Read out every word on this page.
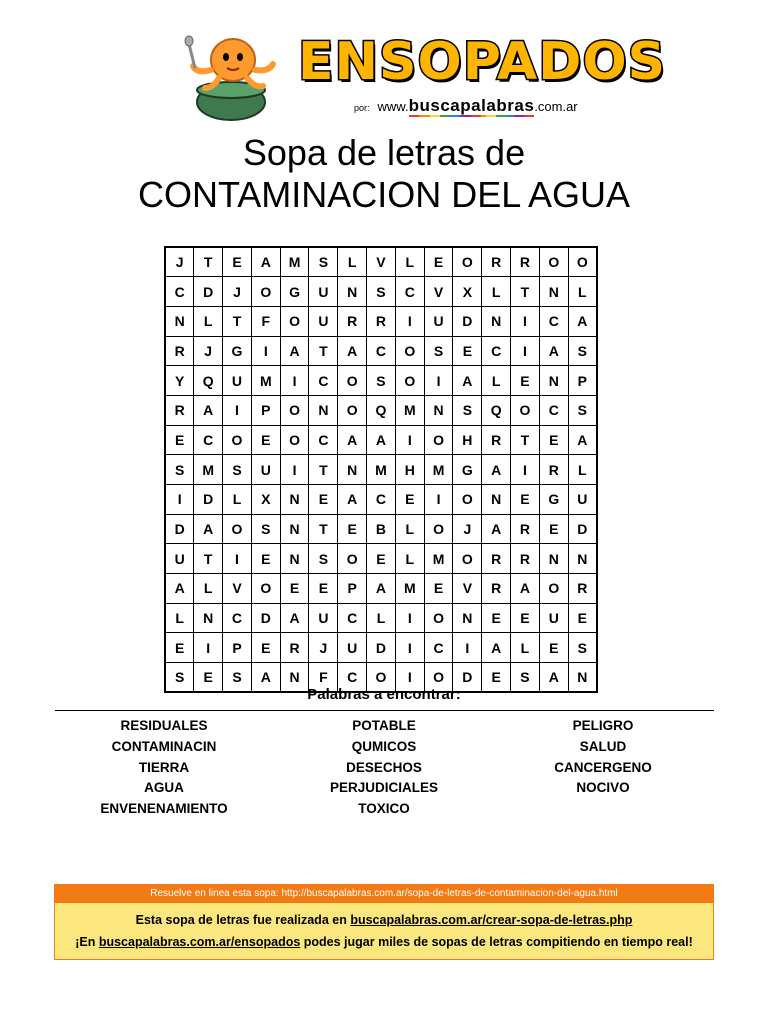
ENSOPADOS
por: www.buscapalabras.com.ar
Sopa de letras de
CONTAMINACION DEL AGUA
J	T	E	A	M	S	L	V	L	E	O	R	R	O	O
C	D	J	O	G	U	N	S	C	V	X	L	T	N	L
N	L	T	F	O	U	R	R	I	U	D	N	I	C	A
R	J	G	I	A	T	A	C	O	S	E	C	I	A	S
Y	Q	U	M	I	C	O	S	O	I	A	L	E	N	P
R	A	I	P	O	N	O	Q	M	N	S	Q	O	C	S
E	C	O	E	O	C	A	A	I	O	H	R	T	E	A
S	M	S	U	I	T	N	M	H	M	G	A	I	R	L
I	D	L	X	N	E	A	C	E	I	O	N	E	G	U
D	A	O	S	N	T	E	B	L	O	J	A	R	E	D
U	T	I	E	N	S	O	E	L	M	O	R	R	N	N
A	L	V	O	E	E	P	A	M	E	V	R	A	O	R
L	N	C	D	A	U	C	L	I	O	N	E	E	U	E
E	I	P	E	R	J	U	D	I	C	I	A	L	E	S
S	E	S	A	N	F	C	O	I	O	D	E	S	A	N
Palabras a encontrar:
RESIDUALES
CONTAMINACIN
TIERRA
AGUA
ENVENENAMIENTO
POTABLE
QUMICOS
DESECHOS
PERJUDICIALES
TOXICO
PELIGRO
SALUD
CANCERGENO
NOCIVO
Resuelve en linea esta sopa: http://buscapalabras.com.ar/sopa-de-letras-de-contaminacion-del-agua.html
Esta sopa de letras fue realizada en buscapalabras.com.ar/crear-sopa-de-letras.php
¡En buscapalabras.com.ar/ensopados podes jugar miles de sopas de letras compitiendo en tiempo real!
